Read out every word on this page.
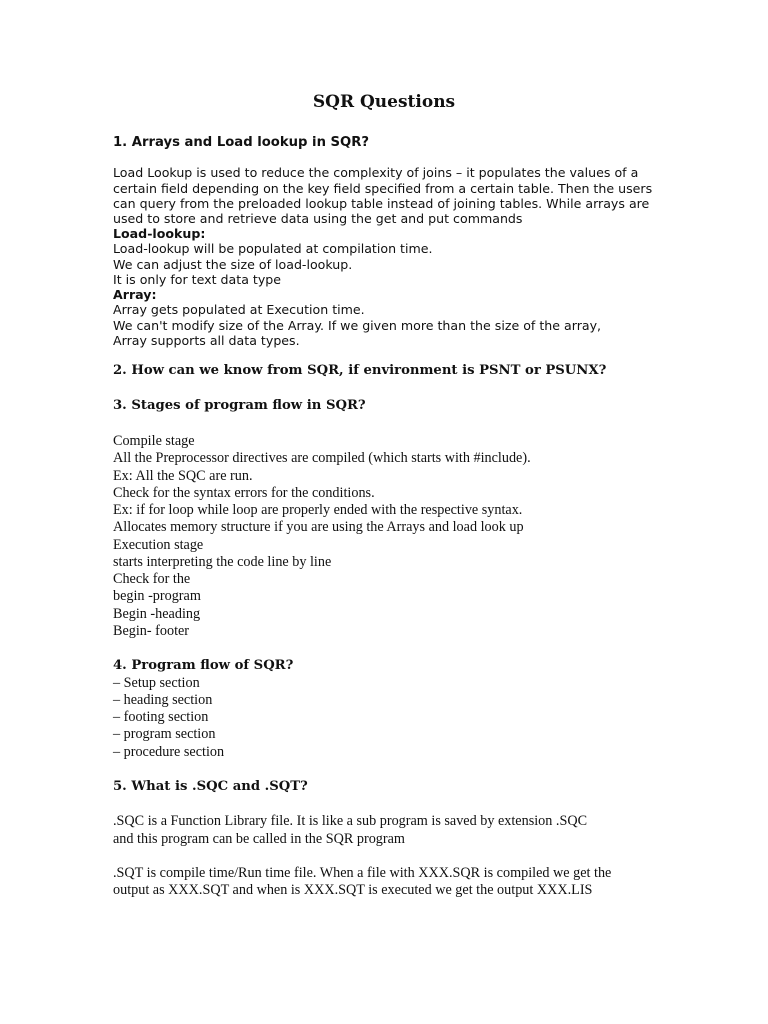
SQR Questions
1. Arrays and Load lookup in SQR?
Load Lookup is used to reduce the complexity of joins – it populates the values of a
certain field depending on the key field specified from a certain table. Then the users
can query from the preloaded lookup table instead of joining tables. While arrays are
used to store and retrieve data using the get and put commands
Load-lookup:
Load-lookup will be populated at compilation time.
We can adjust the size of load-lookup.
It is only for text data type
Array:
Array gets populated at Execution time.
We can't modify size of the Array. If we given more than the size of the array,
Array supports all data types.
2. How can we know from SQR, if environment is PSNT or PSUNX?
3. Stages of program flow in SQR?
Compile stage
All the Preprocessor directives are compiled (which starts with #include).
Ex: All the SQC are run.
Check for the syntax errors for the conditions.
Ex: if for loop while loop are properly ended with the respective syntax.
Allocates memory structure if you are using the Arrays and load look up
Execution stage
starts interpreting the code line by line
Check for the
begin -program
Begin -heading
Begin- footer
4. Program flow of SQR?
– Setup section
– heading section
– footing section
– program section
– procedure section
5. What is .SQC and .SQT?
.SQC is a Function Library file. It is like a sub program is saved by extension .SQC
and this program can be called in the SQR program
.SQT is compile time/Run time file. When a file with XXX.SQR is compiled we get the
output as XXX.SQT and when is XXX.SQT is executed we get the output XXX.LIS
